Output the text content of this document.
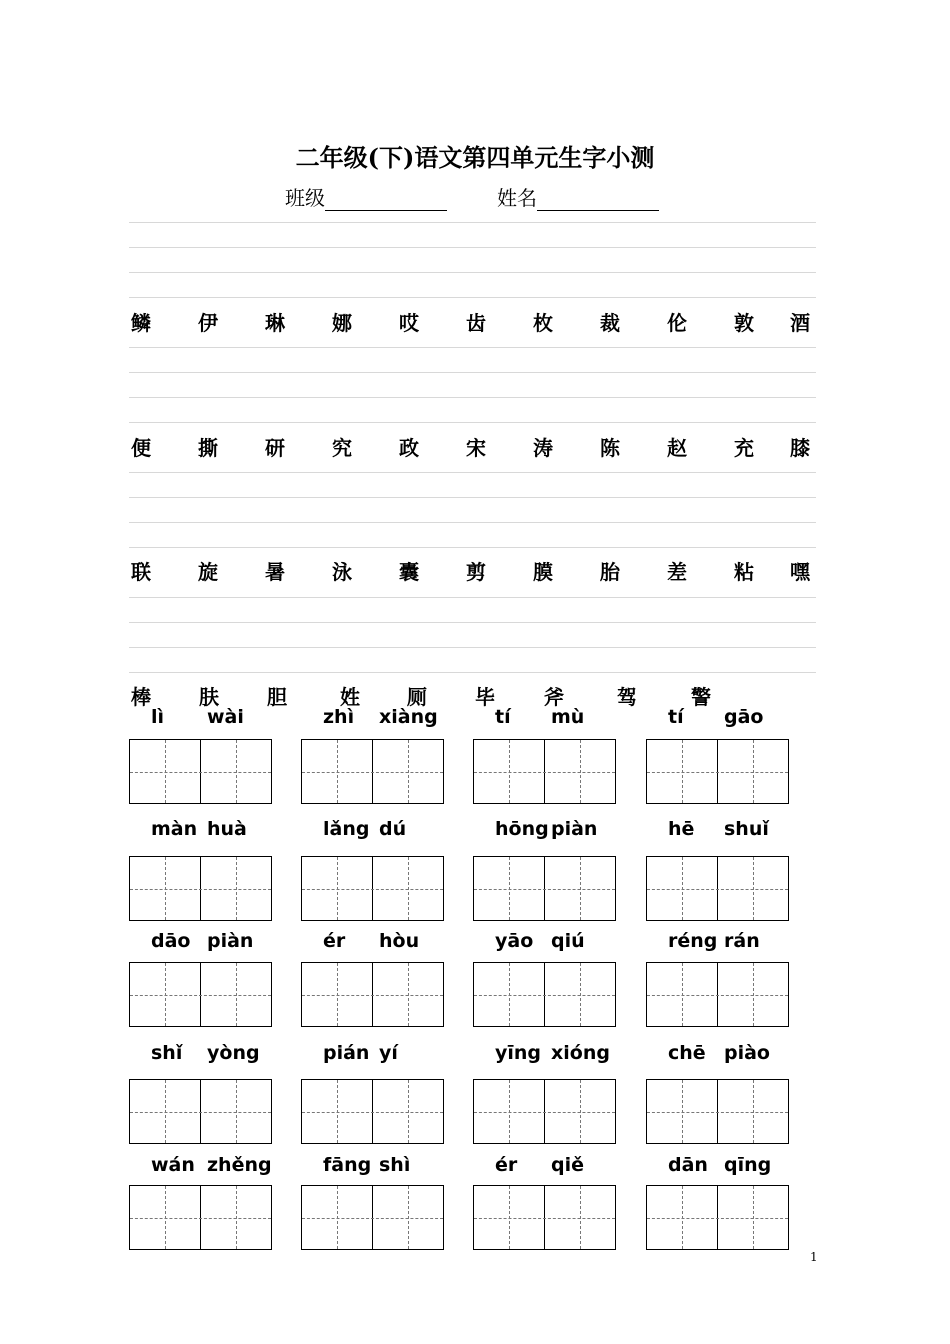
二年级(下)语文第四单元生字小测
班级	姓名
鳞 伊 琳 娜 哎 齿 枚 裁 伦 敦 酒
便 撕 研 究 政 宋 涛 陈 赵 充 膝
联 旋 暑 泳 囊 剪 膜 胎 差 粘 嘿
棒 肤 胆	姓 厕 毕 斧	驾	警
lì wài	zhì xiàng	tí mù	tí gāo
màn huà	lǎng dú	hōng piàn	hē shuǐ
dāo piàn	ér hòu	yāo qiú	réng rán
shǐ yòng	pián yí	yīng xióng	chē piào
wán zhěng	fāng shì	ér qiě	dān qīng
1
